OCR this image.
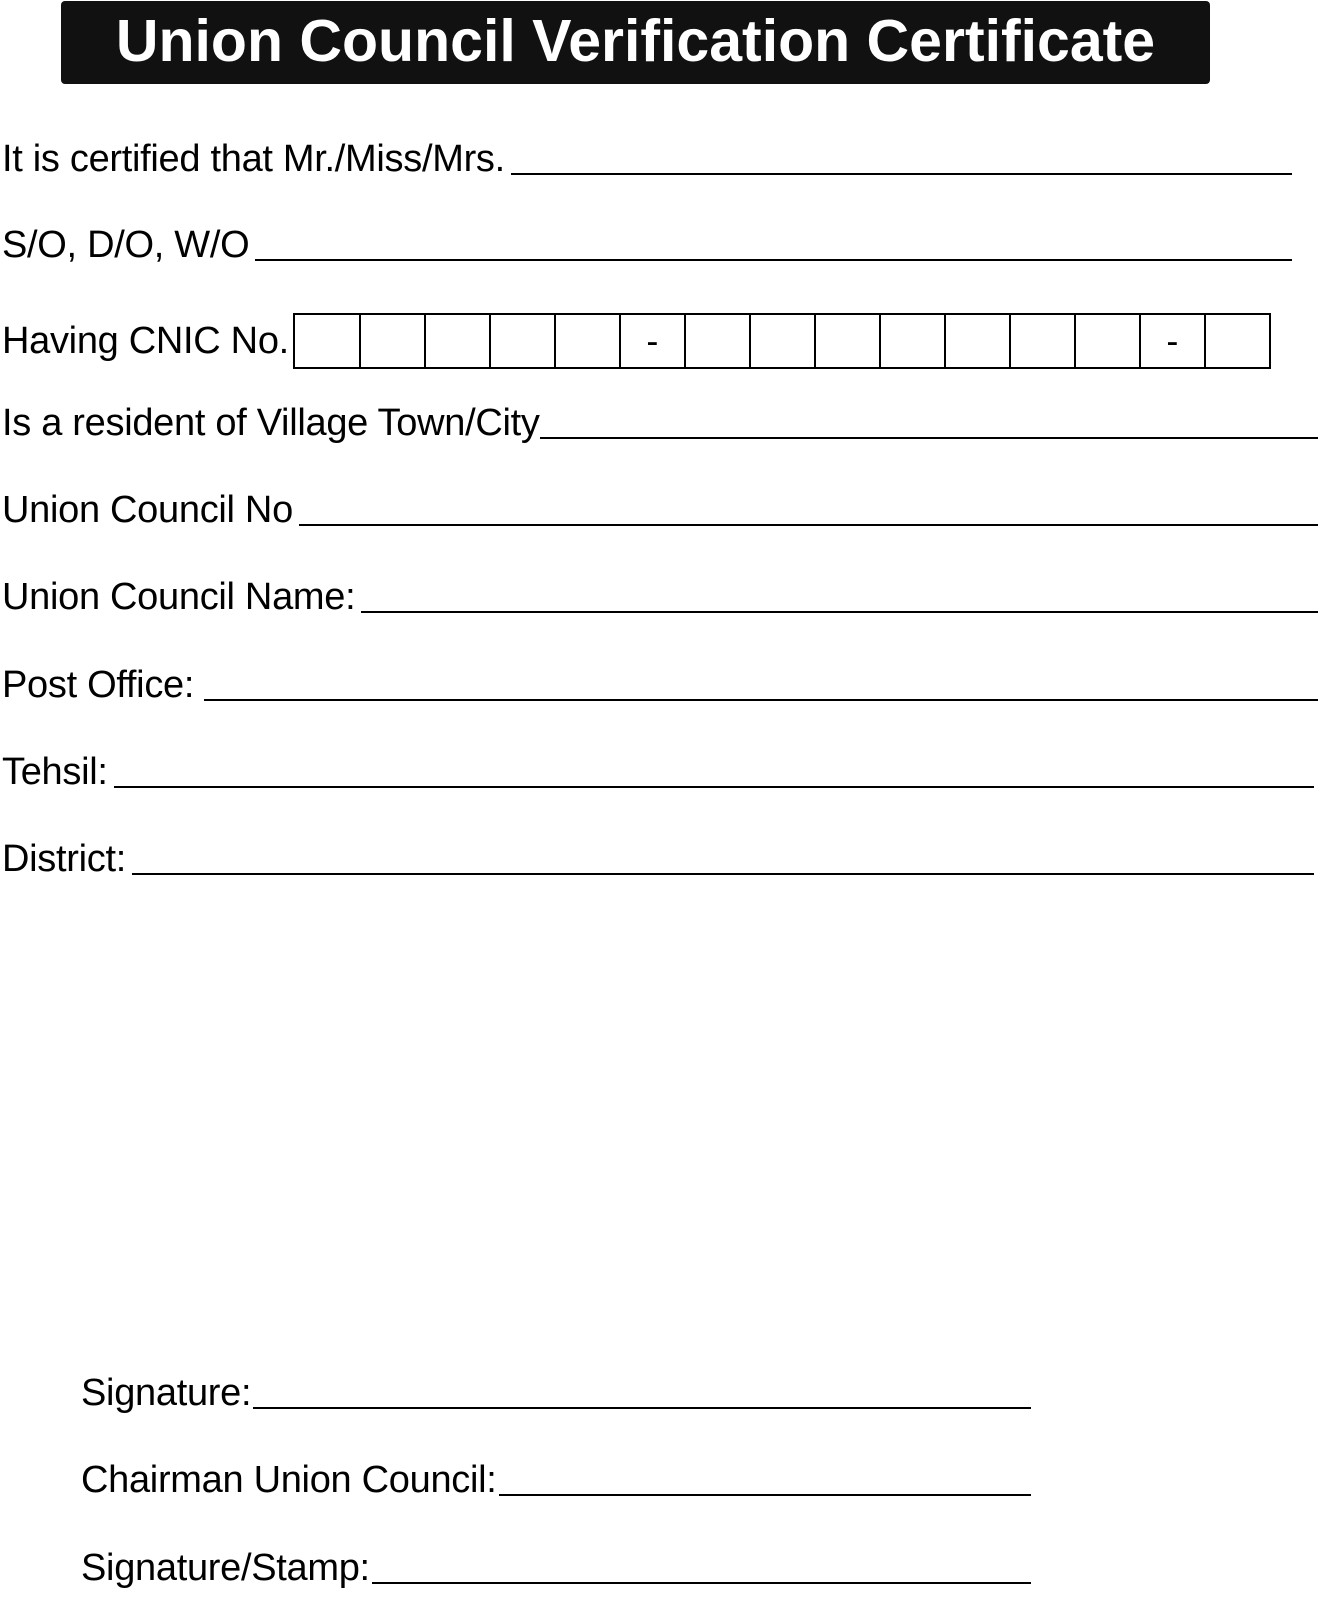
Union Council Verification Certificate
It is certified that Mr./Miss/Mrs.
S/O, D/O, W/O
Having CNIC No.	-	-
Is a resident of Village Town/City
Union Council No
Union Council Name:
Post Office:
Tehsil:
District:
Signature:
Chairman Union Council:
Signature/Stamp:
